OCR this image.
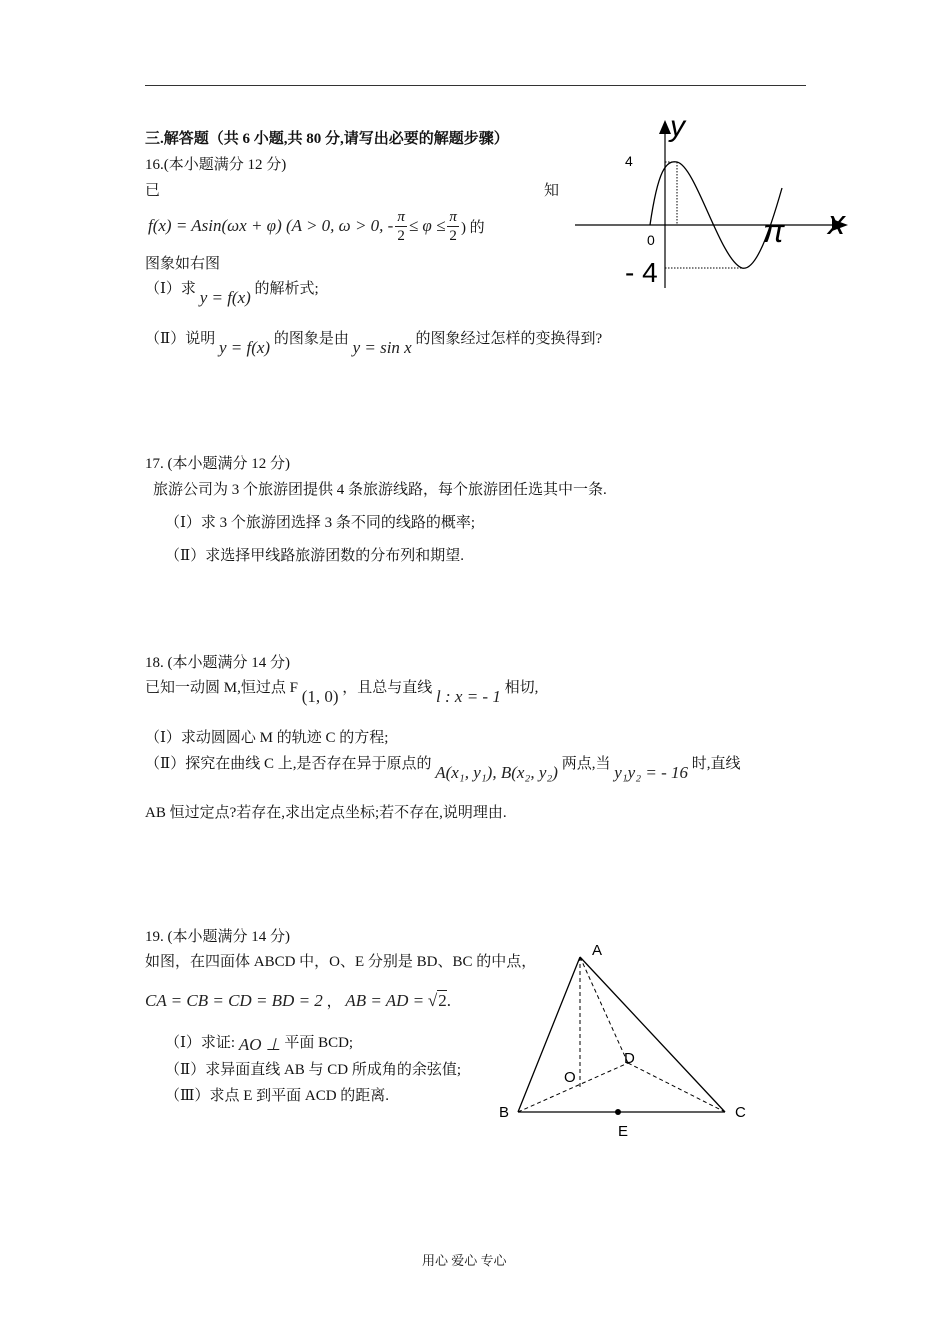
三.解答题（共 6 小题,共 80 分,请写出必要的解题步骤）
16.(本小题满分 12 分)
已	知
f(x) = Asin(ωx + φ) (A > 0, ω > 0, - $\frac{\pi}{2} \le \varphi \le \frac{\pi}{2}$ ) 的
图象如右图
（Ⅰ）求 y = f(x) 的解析式;
（Ⅱ）说明 y = f(x) 的图象是由 y = sin x 的图象经过怎样的变换得到?
y
x
4
0
- 4
π
17. (本小题满分 12 分)
旅游公司为 3 个旅游团提供 4 条旅游线路，每个旅游团任选其中一条.
（Ⅰ）求 3 个旅游团选择 3 条不同的线路的概率;
（Ⅱ）求选择甲线路旅游团数的分布列和期望.
18. (本小题满分 14 分)
已知一动圆 M,恒过点 F (1, 0) ，且总与直线 l : x = - 1 相切,
（Ⅰ）求动圆圆心 M 的轨迹 C 的方程;
（Ⅱ）探究在曲线 C 上,是否存在异于原点的 A(x₁, y₁), B(x₂, y₂) 两点,当 y₁y₂ = - 16 时,直线
AB 恒过定点?若存在,求出定点坐标;若不存在,说明理由.
19. (本小题满分 14 分)
如图，在四面体 ABCD 中，O、E 分别是 BD、BC 的中点，
CA = CB = CD = BD = 2 ， AB = AD = √2.
（Ⅰ）求证: AO ⊥ 平面 BCD;
（Ⅱ）求异面直线 AB 与 CD 所成角的余弦值;
（Ⅲ）求点 E 到平面 ACD 的距离.
A
B	C
D
O
E
用心 爱心 专心
